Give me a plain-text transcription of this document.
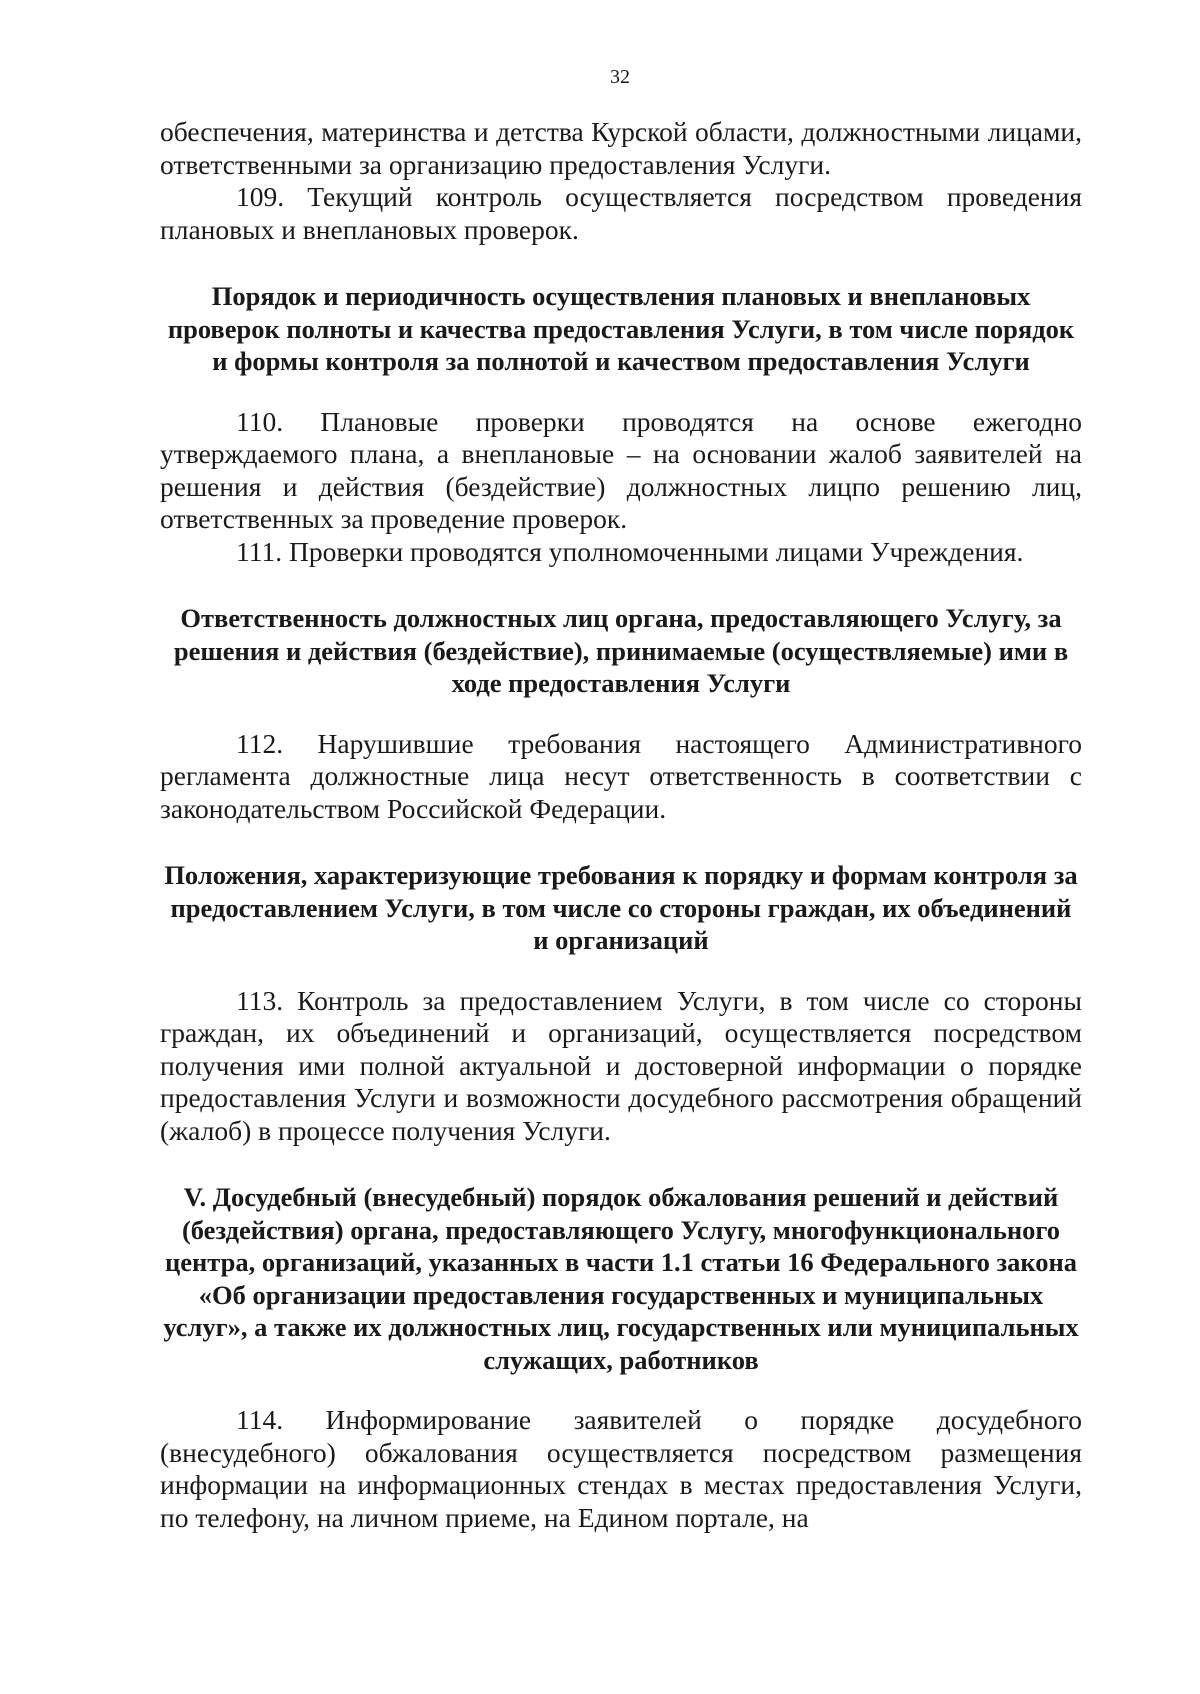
32

обеспечения, материнства и детства Курской области, должностными лицами, ответственными за организацию предоставления Услуги.

109. Текущий контроль осуществляется посредством проведения плановых и внеплановых проверок.

Порядок и периодичность осуществления плановых и внеплановых проверок полноты и качества предоставления Услуги, в том числе порядок и формы контроля за полнотой и качеством предоставления Услуги

110. Плановые проверки проводятся на основе ежегодно утверждаемого плана, а внеплановые – на основании жалоб заявителей на решения и действия (бездействие) должностных лицпо решению лиц, ответственных за проведение проверок.

111. Проверки проводятся уполномоченными лицами Учреждения.

Ответственность должностных лиц органа, предоставляющего Услугу, за решения и действия (бездействие), принимаемые (осуществляемые) ими в ходе предоставления Услуги

112. Нарушившие требования настоящего Административного регламента должностные лица несут ответственность в соответствии с законодательством Российской Федерации.

Положения, характеризующие требования к порядку и формам контроля за предоставлением Услуги, в том числе со стороны граждан, их объединений и организаций

113. Контроль за предоставлением Услуги, в том числе со стороны граждан, их объединений и организаций, осуществляется посредством получения ими полной актуальной и достоверной информации о порядке предоставления Услуги и возможности досудебного рассмотрения обращений (жалоб) в процессе получения Услуги.

V. Досудебный (внесудебный) порядок обжалования решений и действий (бездействия) органа, предоставляющего Услугу, многофункционального центра, организаций, указанных в части 1.1 статьи 16 Федерального закона «Об организации предоставления государственных и муниципальных услуг», а также их должностных лиц, государственных или муниципальных служащих, работников

114. Информирование заявителей о порядке досудебного (внесудебного) обжалования осуществляется посредством размещения информации на информационных стендах в местах предоставления Услуги, по телефону, на личном приеме, на Едином портале, на
